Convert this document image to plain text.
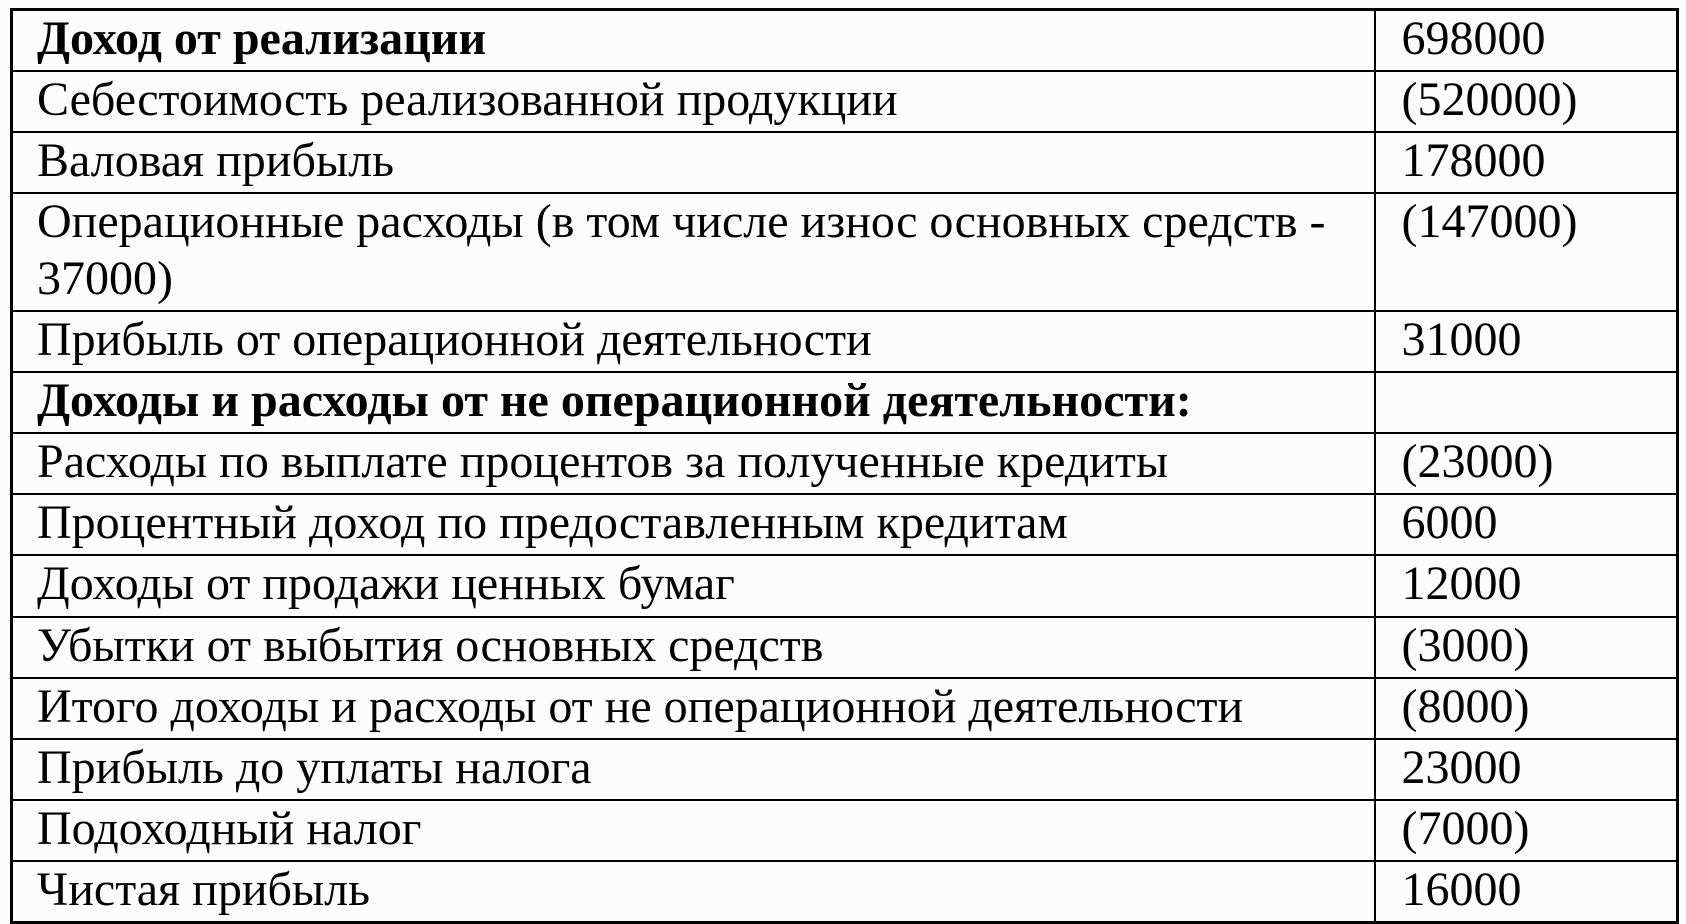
Доход от реализации	698000
Себестоимость реализованной продукции	(520000)
Валовая прибыль	178000
Операционные расходы (в том числе износ основных средств - 37000)	(147000)
Прибыль от операционной деятельности	31000
Доходы и расходы от не операционной деятельности:	
Расходы по выплате процентов за полученные кредиты	(23000)
Процентный доход по предоставленным кредитам	6000
Доходы от продажи ценных бумаг	12000
Убытки от выбытия основных средств	(3000)
Итого доходы и расходы от не операционной деятельности	(8000)
Прибыль до уплаты налога	23000
Подоходный налог	(7000)
Чистая прибыль	16000
